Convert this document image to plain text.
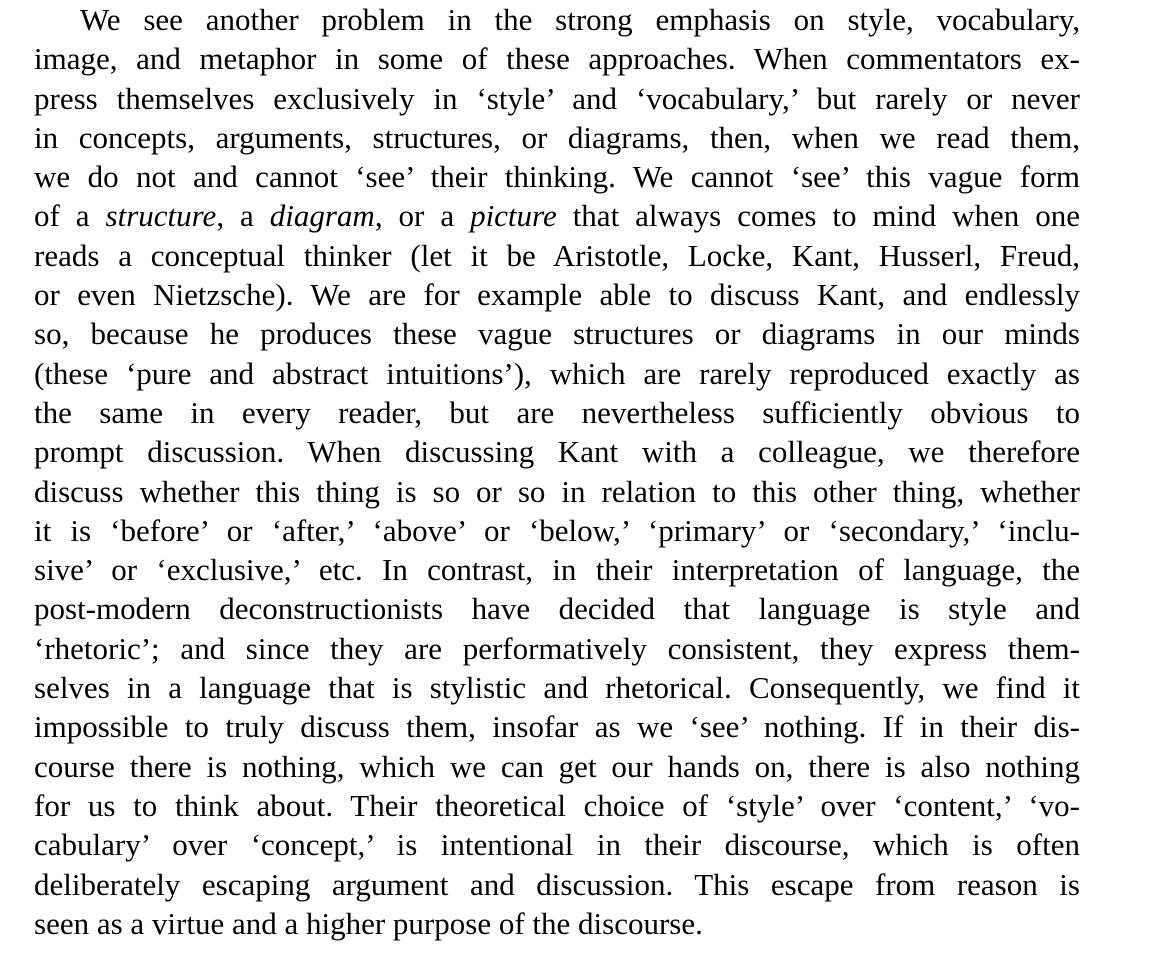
We see another problem in the strong emphasis on style, vocabulary,
image, and metaphor in some of these approaches. When commentators ex-
press themselves exclusively in ‘style’ and ‘vocabulary,’ but rarely or never
in concepts, arguments, structures, or diagrams, then, when we read them,
we do not and cannot ‘see’ their thinking. We cannot ‘see’ this vague form
of a structure, a diagram, or a picture that always comes to mind when one
reads a conceptual thinker (let it be Aristotle, Locke, Kant, Husserl, Freud,
or even Nietzsche). We are for example able to discuss Kant, and endlessly
so, because he produces these vague structures or diagrams in our minds
(these ‘pure and abstract intuitions’), which are rarely reproduced exactly as
the same in every reader, but are nevertheless sufficiently obvious to
prompt discussion. When discussing Kant with a colleague, we therefore
discuss whether this thing is so or so in relation to this other thing, whether
it is ‘before’ or ‘after,’ ‘above’ or ‘below,’ ‘primary’ or ‘secondary,’ ‘inclu-
sive’ or ‘exclusive,’ etc. In contrast, in their interpretation of language, the
post-modern deconstructionists have decided that language is style and
‘rhetoric’; and since they are performatively consistent, they express them-
selves in a language that is stylistic and rhetorical. Consequently, we find it
impossible to truly discuss them, insofar as we ‘see’ nothing. If in their dis-
course there is nothing, which we can get our hands on, there is also nothing
for us to think about. Their theoretical choice of ‘style’ over ‘content,’ ‘vo-
cabulary’ over ‘concept,’ is intentional in their discourse, which is often
deliberately escaping argument and discussion. This escape from reason is
seen as a virtue and a higher purpose of the discourse.
